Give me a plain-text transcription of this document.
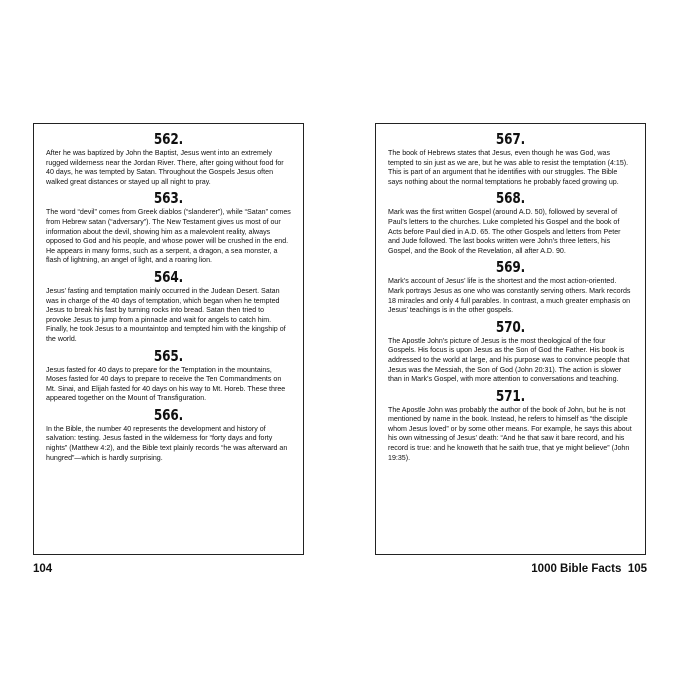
562.

After he was baptized by John the Baptist, Jesus went into an extremely rugged wilderness near the Jordan River. There, after going without food for 40 days, he was tempted by Satan. Throughout the Gospels Jesus often walked great distances or stayed up all night to pray.

563.

The word “devil” comes from Greek diablos (“slanderer”), while “Satan” comes from Hebrew satan (“adversary”). The New Testament gives us most of our information about the devil, showing him as a malevolent reality, always opposed to God and his people, and whose power will be crushed in the end. He appears in many forms, such as a serpent, a dragon, a sea monster, a flash of lightning, an angel of light, and a roaring lion.

564.

Jesus’ fasting and temptation mainly occurred in the Judean Desert. Satan was in charge of the 40 days of temptation, which began when he tempted Jesus to break his fast by turning rocks into bread. Satan then tried to provoke Jesus to jump from a pinnacle and wait for angels to catch him. Finally, he took Jesus to a mountaintop and tempted him with the kingship of the world.

565.

Jesus fasted for 40 days to prepare for the Temptation in the mountains, Moses fasted for 40 days to prepare to receive the Ten Commandments on Mt. Sinai, and Elijah fasted for 40 days on his way to Mt. Horeb. These three appeared together on the Mount of Transfiguration.

566.

In the Bible, the number 40 represents the development and history of salvation: testing. Jesus fasted in the wilderness for “forty days and forty nights” (Matthew 4:2), and the Bible text plainly records “he was afterward an hungred”—which is hardly surprising.

567.

The book of Hebrews states that Jesus, even though he was God, was tempted to sin just as we are, but he was able to resist the temptation (4:15). This is part of an argument that he identifies with our struggles. The Bible says nothing about the normal temptations he probably faced growing up.

568.

Mark was the first written Gospel (around A.D. 50), followed by several of Paul’s letters to the churches. Luke completed his Gospel and the book of Acts before Paul died in A.D. 65. The other Gospels and letters from Peter and Jude followed. The last books written were John’s three letters, his Gospel, and the Book of the Revelation, all after A.D. 90.

569.

Mark’s account of Jesus’ life is the shortest and the most action-oriented. Mark portrays Jesus as one who was constantly serving others. Mark records 18 miracles and only 4 full parables. In contrast, a much greater emphasis on Jesus’ teachings is in the other gospels.

570.

The Apostle John’s picture of Jesus is the most theological of the four Gospels. His focus is upon Jesus as the Son of God the Father. His book is addressed to the world at large, and his purpose was to convince people that Jesus was the Messiah, the Son of God (John 20:31). The action is slower than in Mark’s Gospel, with more attention to conversations and teaching.

571.

The Apostle John was probably the author of the book of John, but he is not mentioned by name in the book. Instead, he refers to himself as “the disciple whom Jesus loved” or by some other means. For example, he says this about his own witnessing of Jesus’ death: “And he that saw it bare record, and his record is true: and he knoweth that he saith true, that ye might believe” (John 19:35).

104	1000 Bible Facts 105
